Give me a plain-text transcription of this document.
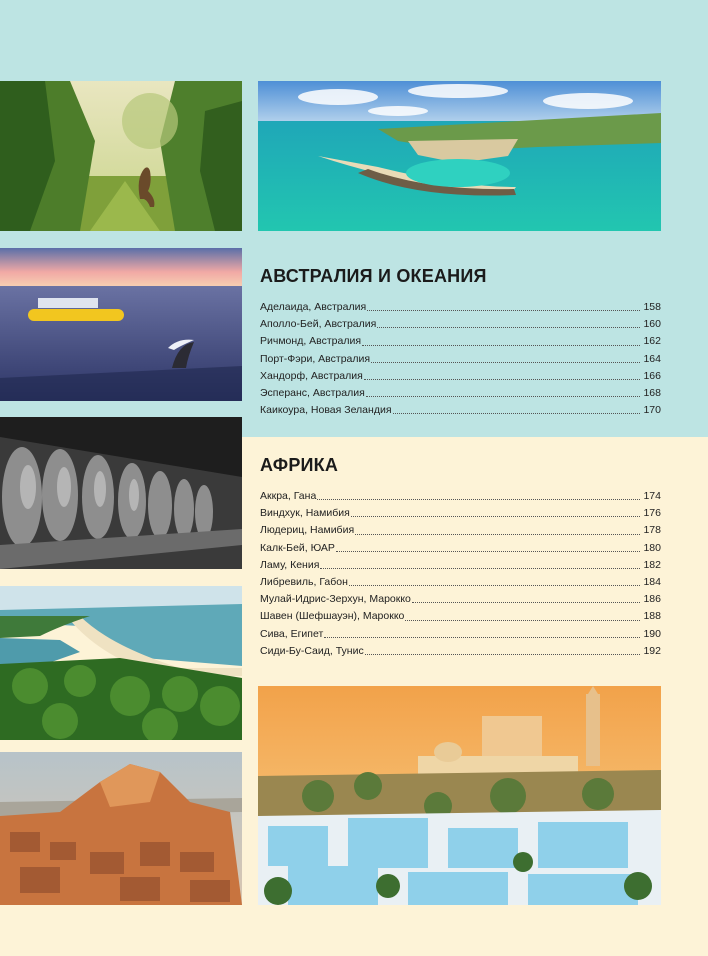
АВСТРАЛИЯ И ОКЕАНИЯ
Аделаида, Австралия	158
Аполло-Бей, Австралия	160
Ричмонд, Австралия	162
Порт-Фэри, Австралия	164
Хандорф, Австралия	166
Эсперанс, Австралия	168
Каикоура, Новая Зеландия	170
АФРИКА
Аккра, Гана	174
Виндхук, Намибия	176
Людериц, Намибия	178
Калк-Бей, ЮАР	180
Ламу, Кения	182
Либревиль, Габон	184
Мулай-Идрис-Зерхун, Марокко	186
Шавен (Шефшауэн), Марокко	188
Сива, Египет	190
Сиди-Бу-Саид, Тунис	192
